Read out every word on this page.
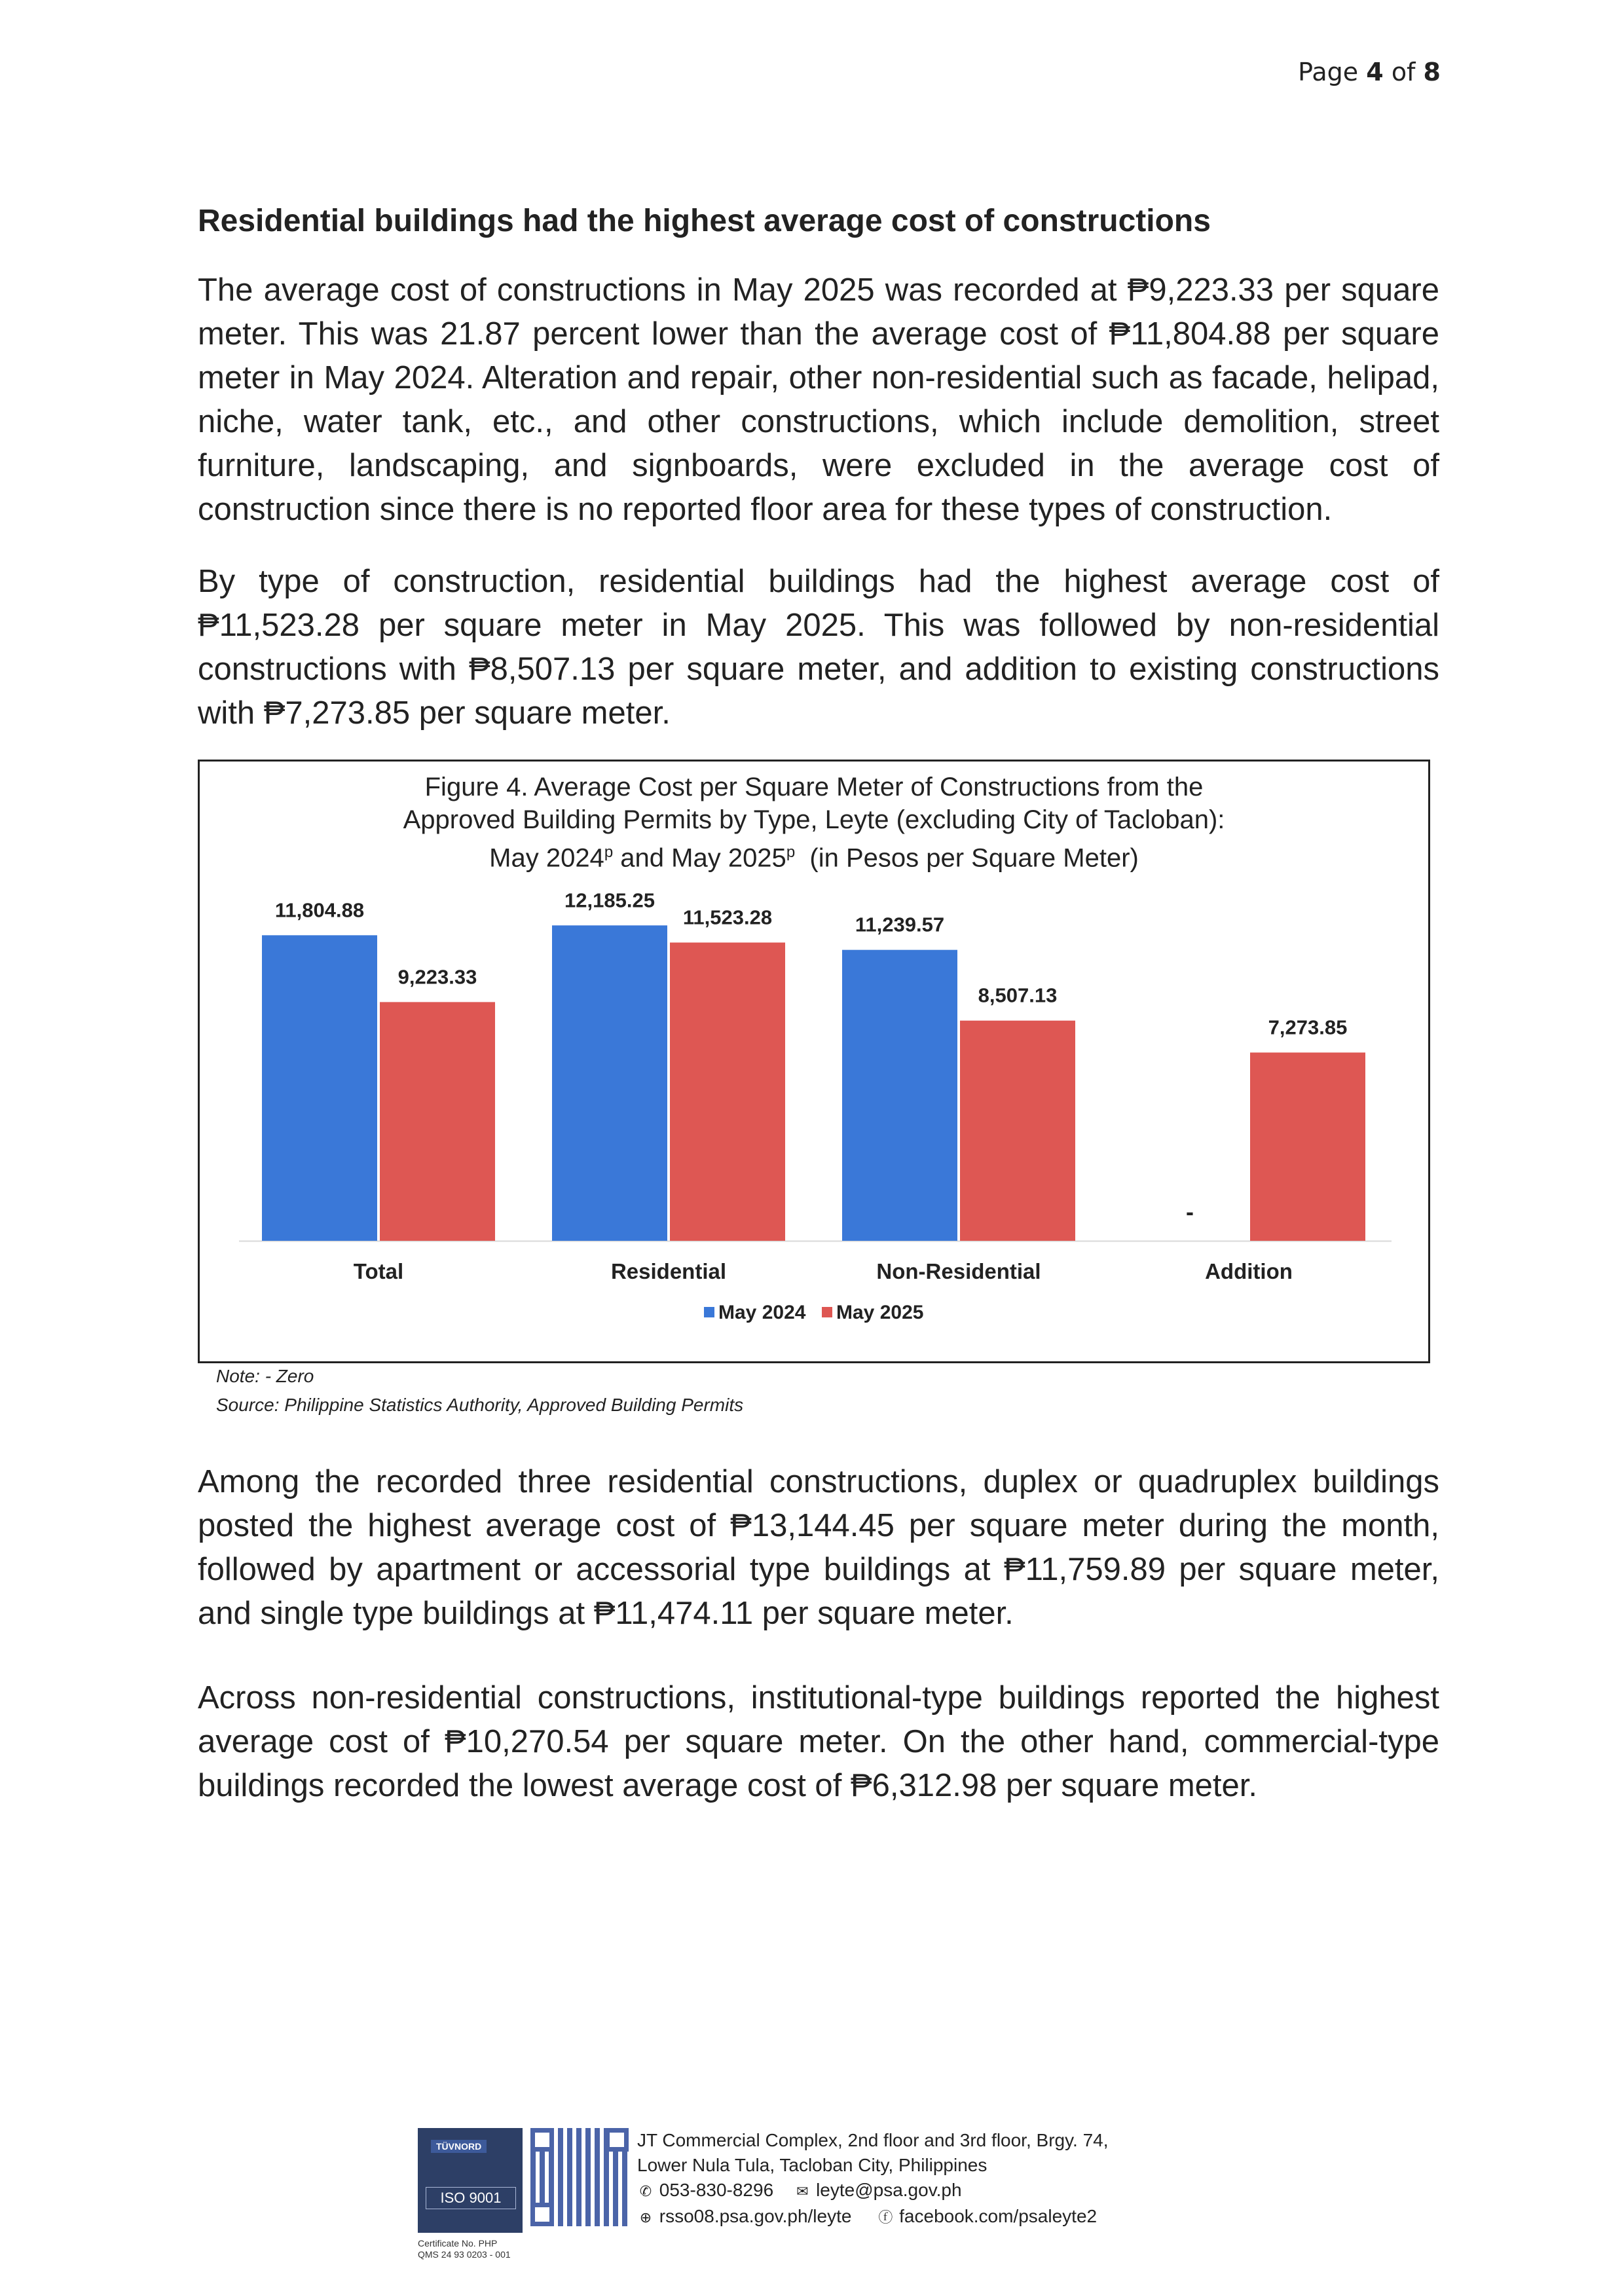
Page 4 of 8
Residential buildings had the highest average cost of constructions

The average cost of constructions in May 2025 was recorded at ₱9,223.33 per square meter. This was 21.87 percent lower than the average cost of ₱11,804.88 per square meter in May 2024. Alteration and repair, other non-residential such as facade, helipad, niche, water tank, etc., and other constructions, which include demolition, street furniture, landscaping, and signboards, were excluded in the average cost of construction since there is no reported floor area for these types of construction.

By type of construction, residential buildings had the highest average cost of ₱11,523.28 per square meter in May 2025. This was followed by non-residential constructions with ₱8,507.13 per square meter, and addition to existing constructions with ₱7,273.85 per square meter.

Figure 4. Average Cost per Square Meter of Constructions from the
Approved Building Permits by Type, Leyte (excluding City of Tacloban):
May 2024$^p$ and May 2025$^p$  (in Pesos per Square Meter)
11,804.88
9,223.33
Total
12,185.25
11,523.28
Residential
11,239.57
8,507.13
Non-Residential
-
7,273.85
Addition
May 2024 May 2025
Note: - Zero
Source: Philippine Statistics Authority, Approved Building Permits

Among the recorded three residential constructions, duplex or quadruplex buildings posted the highest average cost of ₱13,144.45 per square meter during the month, followed by apartment or accessorial type buildings at ₱11,759.89 per square meter, and single type buildings at ₱11,474.11 per square meter.

Across non-residential constructions, institutional-type buildings reported the highest average cost of ₱10,270.54 per square meter. On the other hand, commercial-type buildings recorded the lowest average cost of ₱6,312.98 per square meter.

TÜVNORD
ISO 9001
Certificate No. PHP
QMS 24 93 0203 - 001
JT Commercial Complex, 2nd floor and 3rd floor, Brgy. 74,
Lower Nula Tula, Tacloban City, Philippines
✆ 053-830-8296 ✉ leyte@psa.gov.ph
⊕ rsso08.psa.gov.ph/leyte ⓕ facebook.com/psaleyte2
